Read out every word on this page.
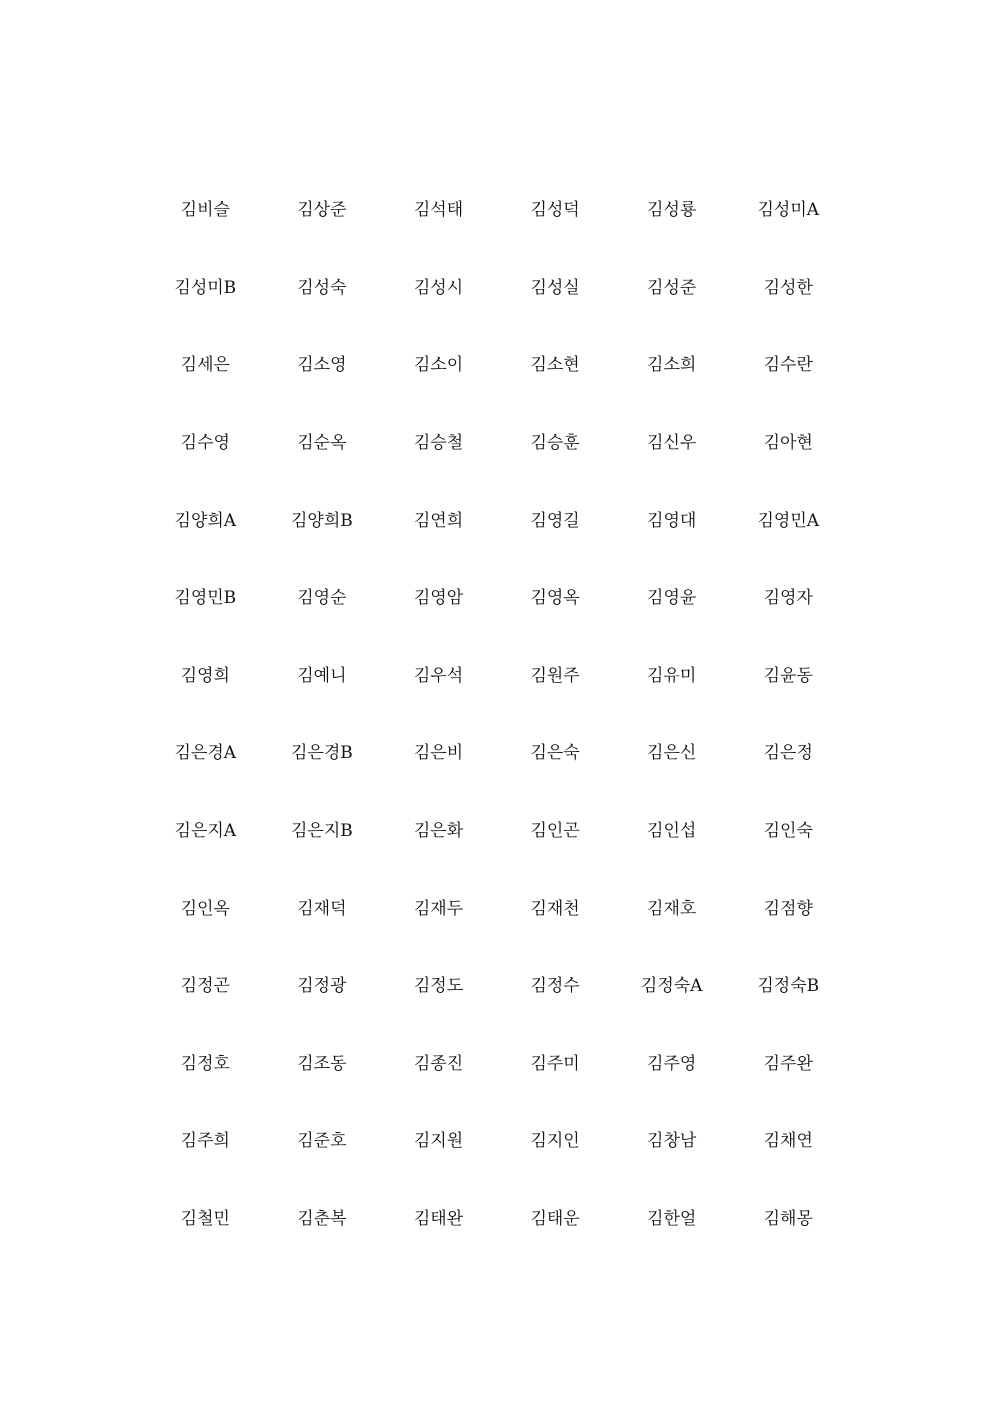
김비슬	김상준	김석태	김성덕	김성룡	김성미A
김성미B	김성숙	김성시	김성실	김성준	김성한
김세은	김소영	김소이	김소현	김소희	김수란
김수영	김순옥	김승철	김승훈	김신우	김아현
김양희A	김양희B	김연희	김영길	김영대	김영민A
김영민B	김영순	김영암	김영옥	김영윤	김영자
김영희	김예니	김우석	김원주	김유미	김윤동
김은경A	김은경B	김은비	김은숙	김은신	김은정
김은지A	김은지B	김은화	김인곤	김인섭	김인숙
김인옥	김재덕	김재두	김재천	김재호	김점향
김정곤	김정광	김정도	김정수	김정숙A	김정숙B
김정호	김조동	김종진	김주미	김주영	김주완
김주희	김준호	김지원	김지인	김창남	김채연
김철민	김춘복	김태완	김태운	김한얼	김해몽
